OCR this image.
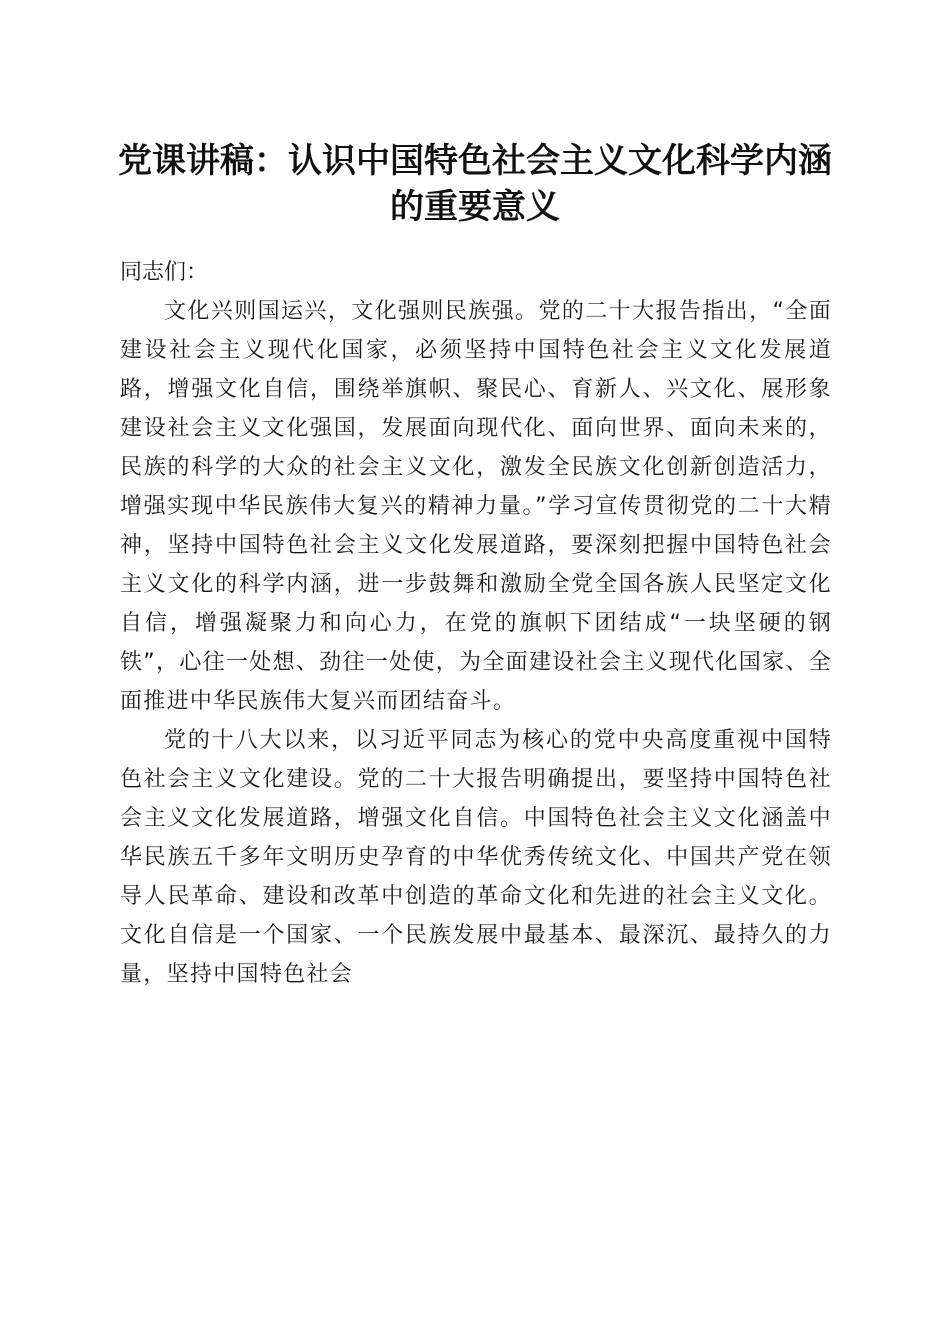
党课讲稿：认识中国特色社会主义文化科学内涵的重要意义

同志们：

文化兴则国运兴，文化强则民族强。党的二十大报告指出，“全面建设社会主义现代化国家，必须坚持中国特色社会主义文化发展道路，增强文化自信，围绕举旗帜、聚民心、育新人、兴文化、展形象建设社会主义文化强国，发展面向现代化、面向世界、面向未来的，民族的科学的大众的社会主义文化，激发全民族文化创新创造活力，增强实现中华民族伟大复兴的精神力量。”学习宣传贯彻党的二十大精神，坚持中国特色社会主义文化发展道路，要深刻把握中国特色社会主义文化的科学内涵，进一步鼓舞和激励全党全国各族人民坚定文化自信，增强凝聚力和向心力，在党的旗帜下团结成“一块坚硬的钢铁”，心往一处想、劲往一处使，为全面建设社会主义现代化国家、全面推进中华民族伟大复兴而团结奋斗。

党的十八大以来，以习近平同志为核心的党中央高度重视中国特色社会主义文化建设。党的二十大报告明确提出，要坚持中国特色社会主义文化发展道路，增强文化自信。中国特色社会主义文化涵盖中华民族五千多年文明历史孕育的中华优秀传统文化、中国共产党在领导人民革命、建设和改革中创造的革命文化和先进的社会主义文化。文化自信是一个国家、一个民族发展中最基本、最深沉、最持久的力量，坚持中国特色社会
